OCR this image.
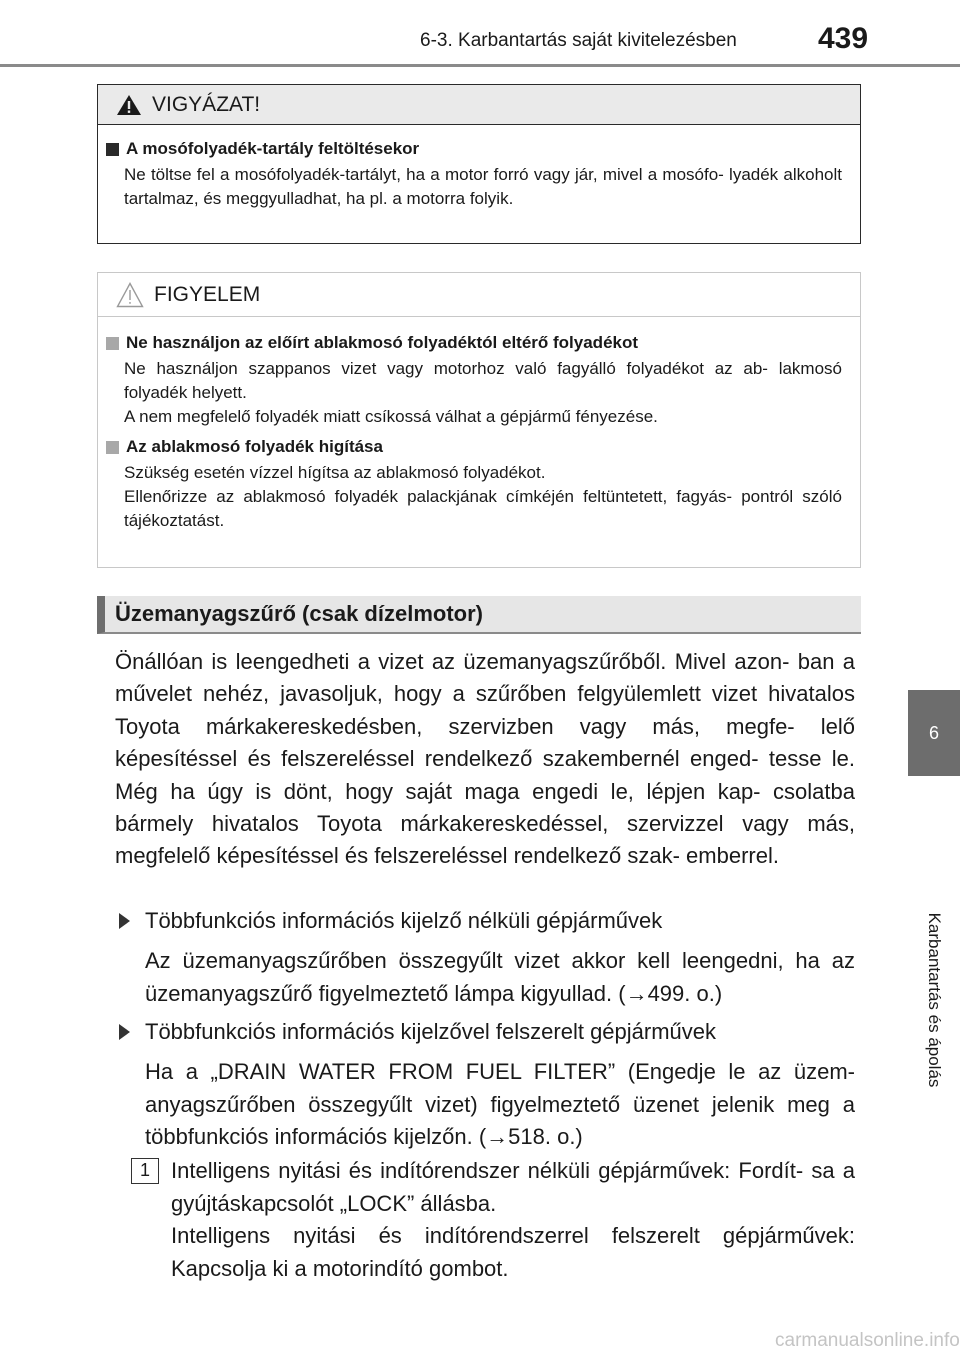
6-3. Karbantartás saját kivitelezésben	439
6
Karbantartás és ápolás
VIGYÁZAT!
A mosófolyadék-tartály feltöltésekor

Ne töltse fel a mosófolyadék-tartályt, ha a motor forró vagy jár, mivel a mosófo- lyadék alkoholt tartalmaz, és meggyulladhat, ha pl. a motorra folyik.

FIGYELEM
Ne használjon az előírt ablakmosó folyadéktól eltérő folyadékot

Ne használjon szappanos vizet vagy motorhoz való fagyálló folyadékot az ab- lakmosó folyadék helyett.

A nem megfelelő folyadék miatt csíkossá válhat a gépjármű fényezése.

Az ablakmosó folyadék higítása

Szükség esetén vízzel hígítsa az ablakmosó folyadékot.

Ellenőrizze az ablakmosó folyadék palackjának címkéjén feltüntetett, fagyás- pontról szóló tájékoztatást.

Üzemanyagszűrő (csak dízelmotor)

Önállóan is leengedheti a vizet az üzemanyagszűrőből. Mivel azon- ban a művelet nehéz, javasoljuk, hogy a szűrőben felgyülemlett vizet hivatalos Toyota márkakereskedésben, szervizben vagy más, megfe- lelő képesítéssel és felszereléssel rendelkező szakembernél enged- tesse le. Még ha úgy is dönt, hogy saját maga engedi le, lépjen kap- csolatba bármely hivatalos Toyota márkakereskedéssel, szervizzel vagy más, megfelelő képesítéssel és felszereléssel rendelkező szak- emberrel.

Többfunkciós információs kijelző nélküli gépjárművek

Az üzemanyagszűrőben összegyűlt vizet akkor kell leengedni, ha az üzemanyagszűrő figyelmeztető lámpa kigyullad. (→499. o.)

Többfunkciós információs kijelzővel felszerelt gépjárművek

Ha a „DRAIN WATER FROM FUEL FILTER” (Engedje le az üzem- anyagszűrőben összegyűlt vizet) figyelmeztető üzenet jelenik meg a többfunkciós információs kijelzőn. (→518. o.)

1 Intelligens nyitási és indítórendszer nélküli gépjárművek: Fordít- sa a gyújtáskapcsolót „LOCK” állásba.

Intelligens nyitási és indítórendszerrel felszerelt gépjárművek: Kapcsolja ki a motorindító gombot.

carmanualsonline.info
